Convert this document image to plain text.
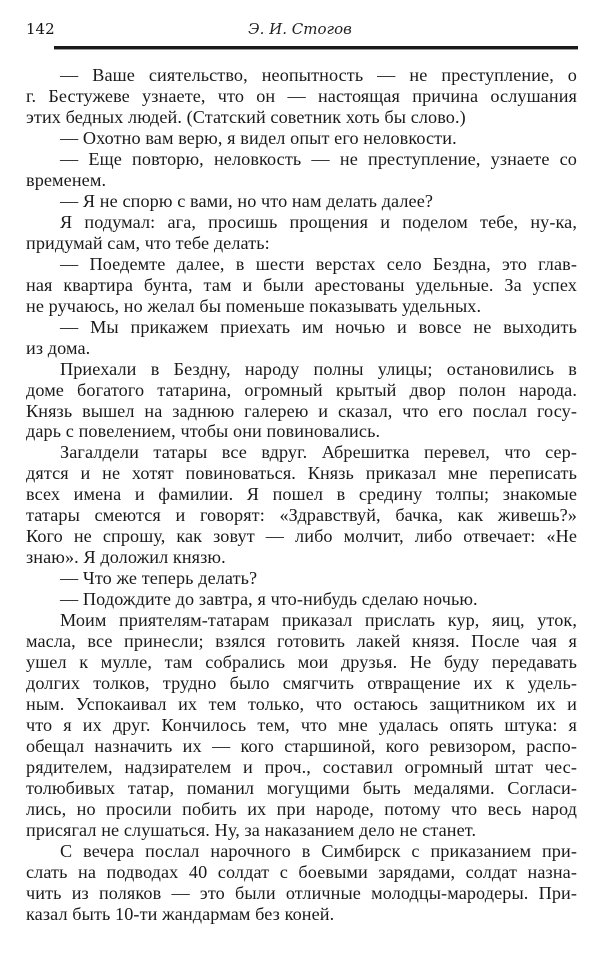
142	Э. И. Стогов
— Ваше сиятельство, неопытность — не преступление, о
г. Бестужеве узнаете, что он — настоящая причина ослушания
этих бедных людей. (Статский советник хоть бы слово.)
— Охотно вам верю, я видел опыт его неловкости.
— Еще повторю, неловкость — не преступление, узнаете со
временем.
— Я не спорю с вами, но что нам делать далее?
Я подумал: ага, просишь прощения и поделом тебе, ну-ка,
придумай сам, что тебе делать:
— Поедемте далее, в шести верстах село Бездна, это глав-
ная квартира бунта, там и были арестованы удельные. За успех
не ручаюсь, но желал бы поменьше показывать удельных.
— Мы прикажем приехать им ночью и вовсе не выходить
из дома.
Приехали в Бездну, народу полны улицы; остановились в
доме богатого татарина, огромный крытый двор полон народа.
Князь вышел на заднюю галерею и сказал, что его послал госу-
дарь с повелением, чтобы они повиновались.
Загалдели татары все вдруг. Абрешитка перевел, что сер-
дятся и не хотят повиноваться. Князь приказал мне переписать
всех имена и фамилии. Я пошел в средину толпы; знакомые
татары смеются и говорят: «Здравствуй, бачка, как живешь?»
Кого не спрошу, как зовут — либо молчит, либо отвечает: «Не
знаю». Я доложил князю.
— Что же теперь делать?
— Подождите до завтра, я что-нибудь сделаю ночью.
Моим приятелям-татарам приказал прислать кур, яиц, уток,
масла, все принесли; взялся готовить лакей князя. После чая я
ушел к мулле, там собрались мои друзья. Не буду передавать
долгих толков, трудно было смягчить отвращение их к удель-
ным. Успокаивал их тем только, что остаюсь защитником их и
что я их друг. Кончилось тем, что мне удалась опять штука: я
обещал назначить их — кого старшиной, кого ревизором, распо-
рядителем, надзирателем и проч., составил огромный штат чес-
толюбивых татар, поманил могущими быть медалями. Согласи-
лись, но просили побить их при народе, потому что весь народ
присягал не слушаться. Ну, за наказанием дело не станет.
С вечера послал нарочного в Симбирск с приказанием при-
слать на подводах 40 солдат с боевыми зарядами, солдат назна-
чить из поляков — это были отличные молодцы-мародеры. При-
казал быть 10-ти жандармам без коней.
